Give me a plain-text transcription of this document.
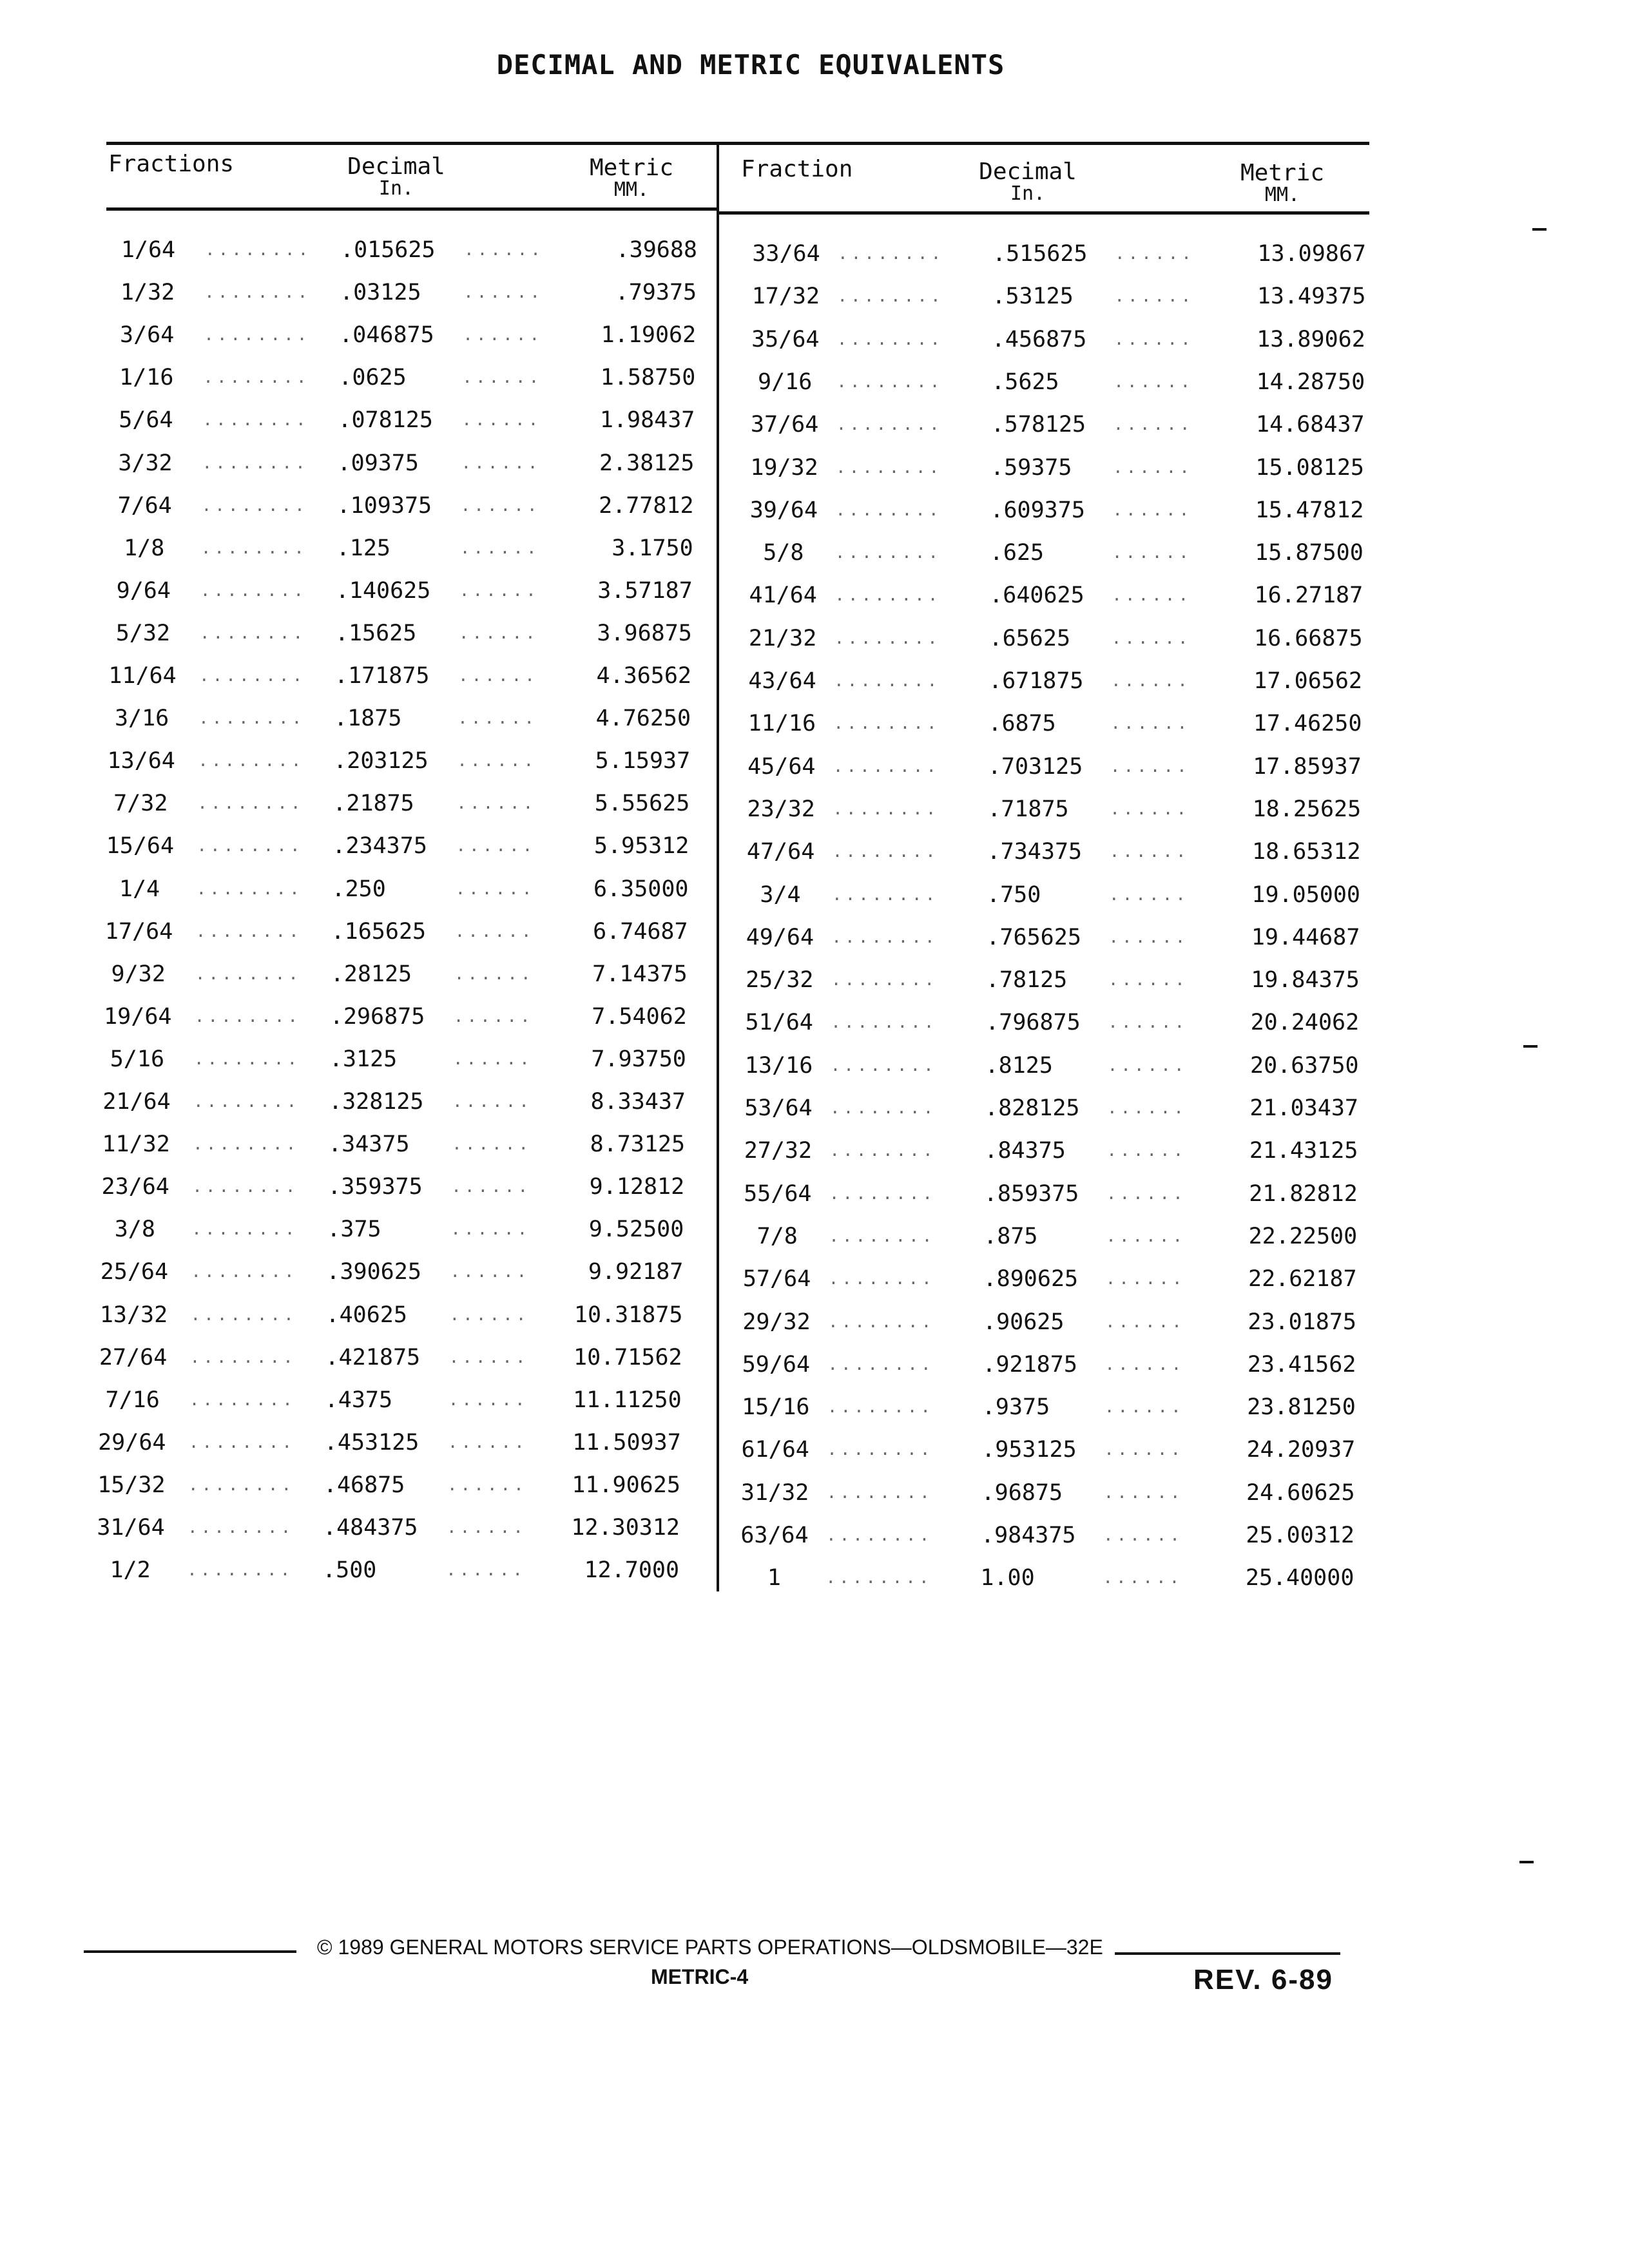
DECIMAL AND METRIC EQUIVALENTS
Fractions	Decimal
In.
Metric
MM.
Fraction	Decimal
In.
Metric
MM.
1/64	........ .015625 ......	.39688
1/32	........ .03125	......	.79375
3/64	........ .046875 ......	1.19062
1/16	........ .0625	......	1.58750
5/64	........ .078125 ......	1.98437
3/32	........ .09375	......	2.38125
7/64	........ .109375 ......	2.77812
1/8	........ .125	......	3.1750
9/64	........ .140625 ......	3.57187
5/32	........ .15625	......	3.96875
11/64	........ .171875 ......	4.36562
3/16	........ .1875	......	4.76250
13/64	........ .203125 ......	5.15937
7/32	........ .21875	......	5.55625
15/64	........ .234375 ......	5.95312
1/4	........ .250	......	6.35000
17/64	........ .165625 ......	6.74687
9/32	........ .28125	......	7.14375
19/64	........ .296875 ......	7.54062
5/16	........ .3125	......	7.93750
21/64	........ .328125 ......	8.33437
11/32	........ .34375	......	8.73125
23/64	........ .359375 ......	9.12812
3/8	........ .375	......	9.52500
25/64	........ .390625 ......	9.92187
13/32	........ .40625	......	10.31875
27/64	........ .421875 ......	10.71562
7/16	........ .4375	......	11.11250
29/64	........ .453125 ......	11.50937
15/32	........ .46875	......	11.90625
31/64	........ .484375 ......	12.30312
1/2	........ .500	......	12.7000
33/64	........ .515625 ......	13.09867
17/32	........ .53125 ......	13.49375
35/64	........ .456875 ......	13.89062
9/16	........ .5625	......	14.28750
37/64	........ .578125 ......	14.68437
19/32	........ .59375 ......	15.08125
39/64	........ .609375 ......	15.47812
5/8	........ .625	......	15.87500
41/64	........ .640625 ......	16.27187
21/32	........ .65625 ......	16.66875
43/64	........ .671875 ......	17.06562
11/16	........ .6875	......	17.46250
45/64	........ .703125 ......	17.85937
23/32	........ .71875 ......	18.25625
47/64	........ .734375 ......	18.65312
3/4	........ .750	......	19.05000
49/64	........ .765625 ......	19.44687
25/32	........ .78125 ......	19.84375
51/64	........ .796875 ......	20.24062
13/16	........ .8125	......	20.63750
53/64	........ .828125 ......	21.03437
27/32	........ .84375 ......	21.43125
55/64	........ .859375 ......	21.82812
7/8	........ .875	......	22.22500
57/64	........ .890625 ......	22.62187
29/32	........ .90625 ......	23.01875
59/64	........ .921875 ......	23.41562
15/16	........ .9375	......	23.81250
61/64	........ .953125 ......	24.20937
31/32	........ .96875 ......	24.60625
63/64	........ .984375 ......	25.00312
1	........ 1.00	......	25.40000
© 1989 GENERAL MOTORS SERVICE PARTS OPERATIONS—OLDSMOBILE—32E
METRIC-4	REV. 6-89
